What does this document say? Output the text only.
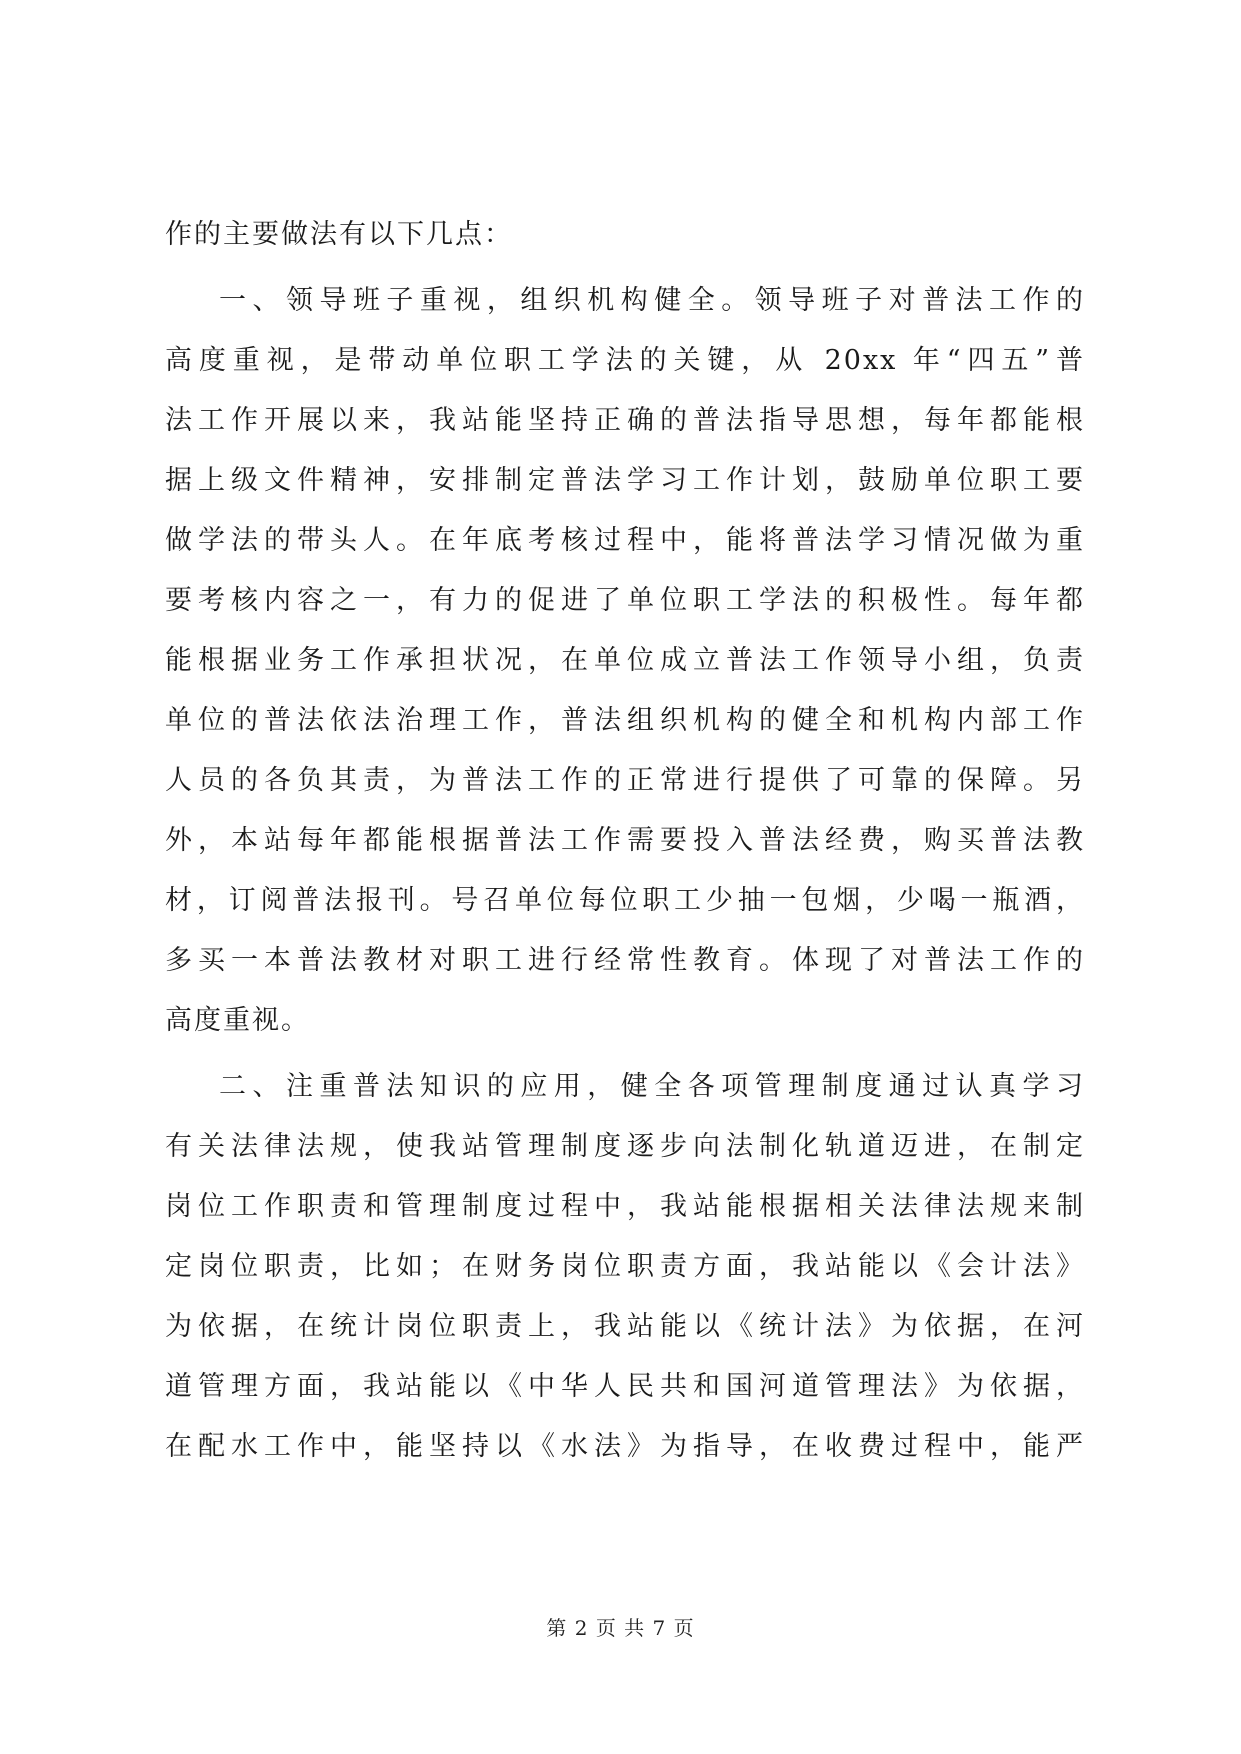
作的主要做法有以下几点：
一、领导班子重视，组织机构健全。领导班子对普法工作的
高度重视，是带动单位职工学法的关键，从 20xx 年“四五”普
法工作开展以来，我站能坚持正确的普法指导思想，每年都能根
据上级文件精神，安排制定普法学习工作计划，鼓励单位职工要
做学法的带头人。在年底考核过程中，能将普法学习情况做为重
要考核内容之一，有力的促进了单位职工学法的积极性。每年都
能根据业务工作承担状况，在单位成立普法工作领导小组，负责
单位的普法依法治理工作，普法组织机构的健全和机构内部工作
人员的各负其责，为普法工作的正常进行提供了可靠的保障。另
外，本站每年都能根据普法工作需要投入普法经费，购买普法教
材，订阅普法报刊。号召单位每位职工少抽一包烟，少喝一瓶酒，
多买一本普法教材对职工进行经常性教育。体现了对普法工作的
高度重视。
二、注重普法知识的应用，健全各项管理制度通过认真学习
有关法律法规，使我站管理制度逐步向法制化轨道迈进，在制定
岗位工作职责和管理制度过程中，我站能根据相关法律法规来制
定岗位职责，比如；在财务岗位职责方面，我站能以《会计法》
为依据，在统计岗位职责上，我站能以《统计法》为依据，在河
道管理方面，我站能以《中华人民共和国河道管理法》为依据，
在配水工作中，能坚持以《水法》为指导，在收费过程中，能严
第 2 页 共 7 页
